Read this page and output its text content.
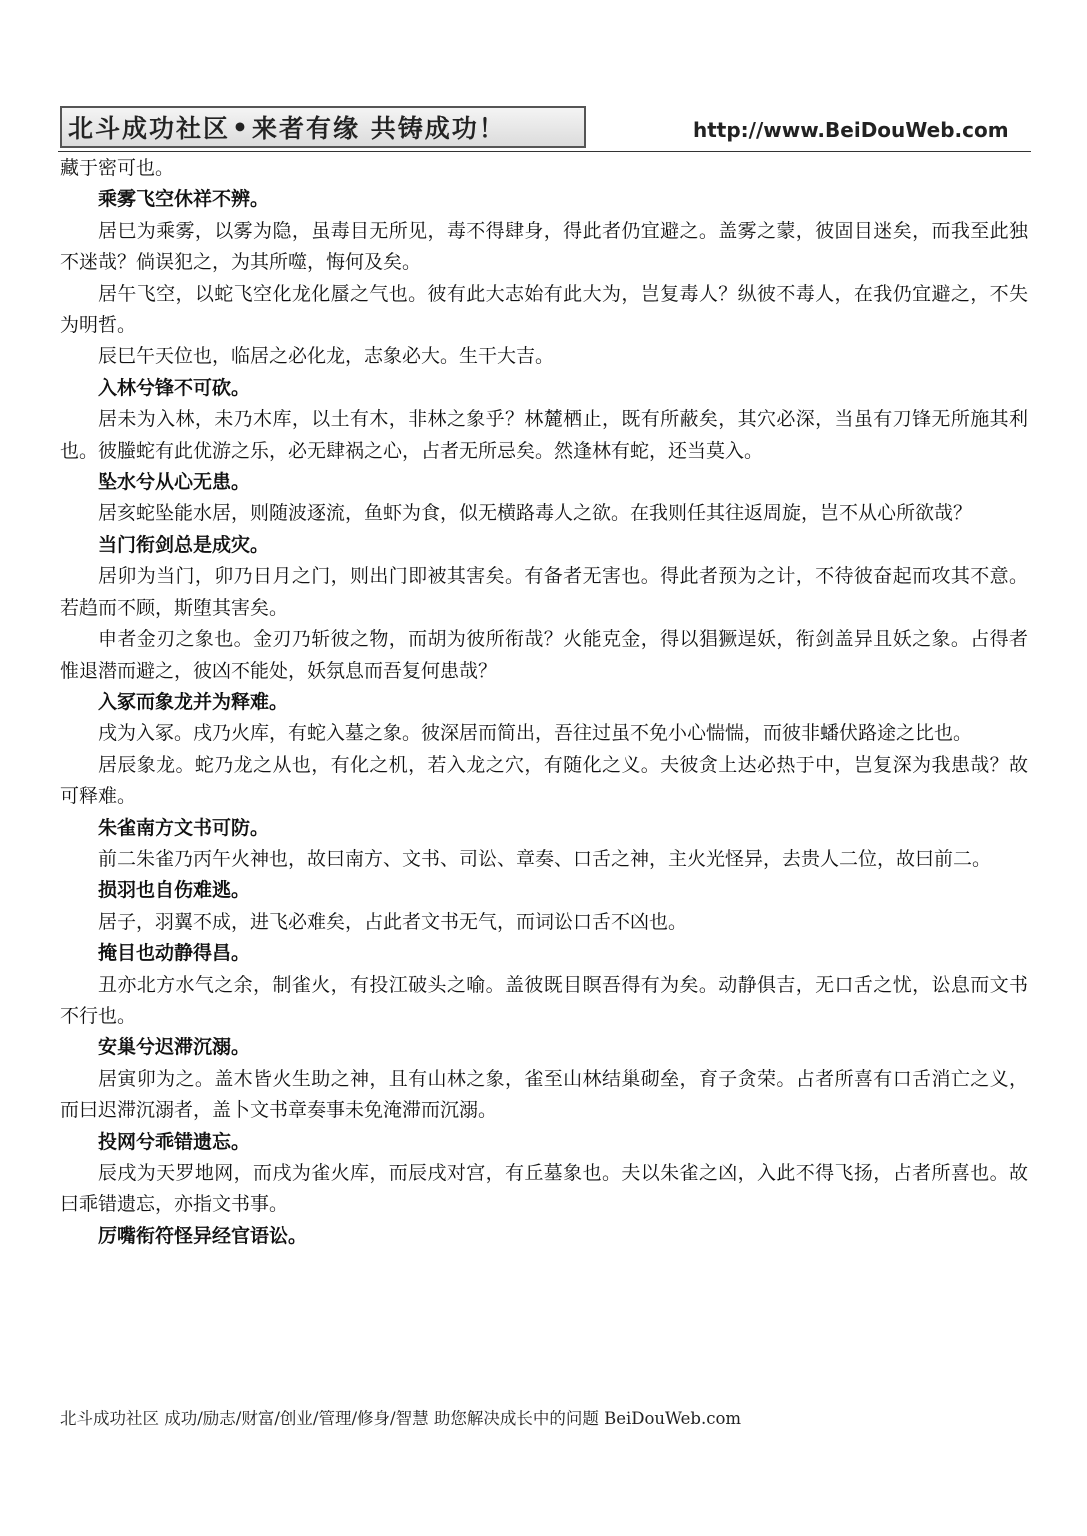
北斗成功社区 • 来者有缘 共铸成功！	http://www.BeiDouWeb.com

藏于密可也。

乘雾飞空休祥不辨。

居巳为乘雾，以雾为隐，虽毒目无所见，毒不得肆身，得此者仍宜避之。盖雾之蒙，彼固目迷矣，而我至此独不迷哉？倘误犯之，为其所噬，悔何及矣。

居午飞空，以蛇飞空化龙化蜃之气也。彼有此大志始有此大为，岂复毒人？纵彼不毒人，在我仍宜避之，不失为明哲。

辰巳午天位也，临居之必化龙，志象必大。生干大吉。

入林兮锋不可砍。

居未为入林，未乃木库，以土有木，非林之象乎？林麓栖止，既有所蔽矣，其穴必深，当虽有刀锋无所施其利也。彼螣蛇有此优游之乐，必无肆祸之心，占者无所忌矣。然逢林有蛇，还当莫入。

坠水兮从心无患。

居亥蛇坠能水居，则随波逐流，鱼虾为食，似无横路毒人之欲。在我则任其往返周旋，岂不从心所欲哉？

当门衔剑总是成灾。

居卯为当门，卯乃日月之门，则出门即被其害矣。有备者无害也。得此者预为之计，不待彼奋起而攻其不意。若趋而不顾，斯堕其害矣。

申者金刃之象也。金刃乃斩彼之物，而胡为彼所衔哉？火能克金，得以猖獗逞妖，衔剑盖异且妖之象。占得者惟退潜而避之，彼凶不能处，妖氛息而吾复何患哉？

入冢而象龙并为释难。

戌为入冢。戌乃火库，有蛇入墓之象。彼深居而简出，吾往过虽不免小心惴惴，而彼非蟠伏路途之比也。

居辰象龙。蛇乃龙之从也，有化之机，若入龙之穴，有随化之义。夫彼贪上达必热于中，岂复深为我患哉？故可释难。

朱雀南方文书可防。

前二朱雀乃丙午火神也，故曰南方、文书、司讼、章奏、口舌之神，主火光怪异，去贵人二位，故曰前二。

损羽也自伤难逃。

居子，羽翼不成，进飞必难矣，占此者文书无气，而词讼口舌不凶也。

掩目也动静得昌。

丑亦北方水气之余，制雀火，有投江破头之喻。盖彼既目瞑吾得有为矣。动静俱吉，无口舌之忧，讼息而文书不行也。

安巢兮迟滞沉溺。

居寅卯为之。盖木皆火生助之神，且有山林之象，雀至山林结巢砌垒，育子贪荣。占者所喜有口舌消亡之义，而曰迟滞沉溺者，盖卜文书章奏事未免淹滞而沉溺。

投网兮乖错遗忘。

辰戌为天罗地网，而戌为雀火库，而辰戌对宫，有丘墓象也。夫以朱雀之凶，入此不得飞扬，占者所喜也。故曰乖错遗忘，亦指文书事。

厉嘴衔符怪异经官语讼。

北斗成功社区 成功/励志/财富/创业/管理/修身/智慧 助您解决成长中的问题 BeiDouWeb.com
